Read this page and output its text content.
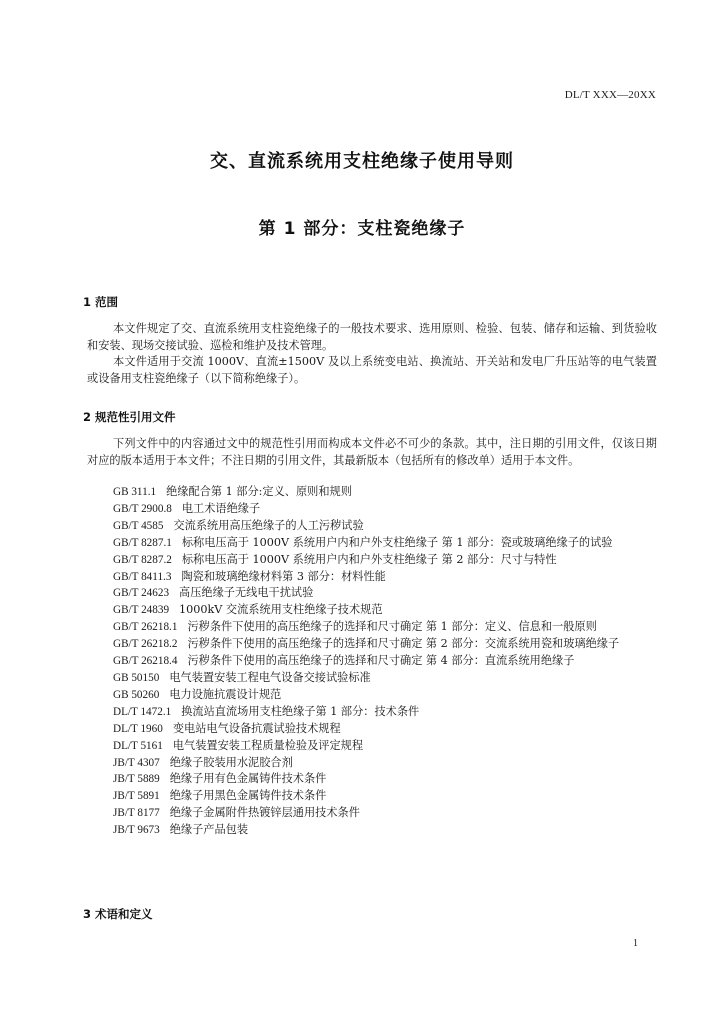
DL/T XXX—20XX
交、直流系统用支柱绝缘子使用导则
第 1 部分：支柱瓷绝缘子
1 范围

本文件规定了交、直流系统用支柱瓷绝缘子的一般技术要求、选用原则、检验、包装、储存和运输、到货验收和安装、现场交接试验、巡检和维护及技术管理。

本文件适用于交流 1000V、直流±1500V 及以上系统变电站、换流站、开关站和发电厂升压站等的电气装置或设备用支柱瓷绝缘子（以下简称绝缘子）。

2 规范性引用文件

下列文件中的内容通过文中的规范性引用而构成本文件必不可少的条款。其中，注日期的引用文件，仅该日期对应的版本适用于本文件；不注日期的引用文件，其最新版本（包括所有的修改单）适用于本文件。

GB 311.1 绝缘配合第 1 部分:定义、原则和规则
GB/T 2900.8 电工术语绝缘子
GB/T 4585 交流系统用高压绝缘子的人工污秽试验
GB/T 8287.1 标称电压高于 1000V 系统用户内和户外支柱绝缘子 第 1 部分：瓷或玻璃绝缘子的试验
GB/T 8287.2 标称电压高于 1000V 系统用户内和户外支柱绝缘子 第 2 部分：尺寸与特性
GB/T 8411.3 陶瓷和玻璃绝缘材料第 3 部分：材料性能
GB/T 24623 高压绝缘子无线电干扰试验
GB/T 24839 1000kV 交流系统用支柱绝缘子技术规范
GB/T 26218.1 污秽条件下使用的高压绝缘子的选择和尺寸确定 第 1 部分：定义、信息和一般原则
GB/T 26218.2 污秽条件下使用的高压绝缘子的选择和尺寸确定 第 2 部分：交流系统用瓷和玻璃绝缘子
GB/T 26218.4 污秽条件下使用的高压绝缘子的选择和尺寸确定 第 4 部分：直流系统用绝缘子
GB 50150 电气装置安装工程电气设备交接试验标准
GB 50260 电力设施抗震设计规范
DL/T 1472.1 换流站直流场用支柱绝缘子第 1 部分：技术条件
DL/T 1960 变电站电气设备抗震试验技术规程
DL/T 5161 电气装置安装工程质量检验及评定规程
JB/T 4307 绝缘子胶装用水泥胶合剂
JB/T 5889 绝缘子用有色金属铸件技术条件
JB/T 5891 绝缘子用黑色金属铸件技术条件
JB/T 8177 绝缘子金属附件热镀锌层通用技术条件
JB/T 9673 绝缘子产品包装
3 术语和定义
1
